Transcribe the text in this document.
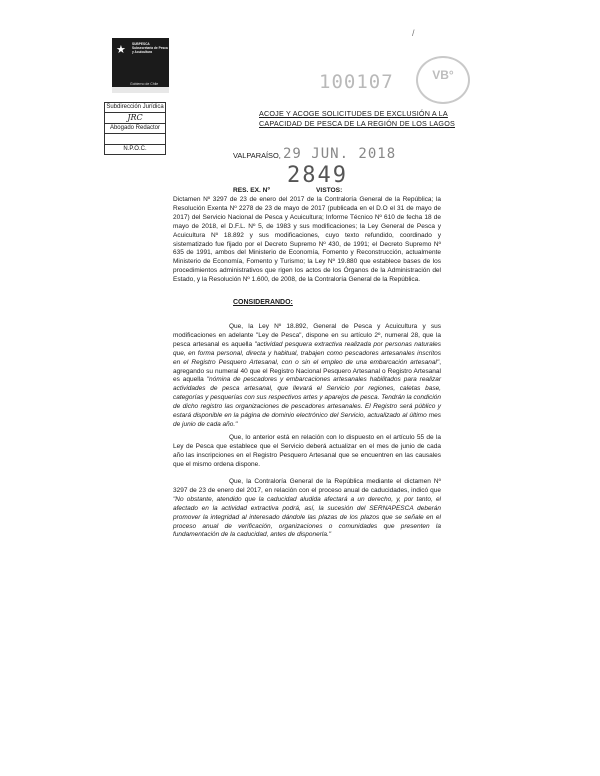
★	SUBPESCA
Subsecretaría de Pesca y Acuicultura
Gobierno de Chile
/
100107	VB°
Subdirección Jurídica
JRC
Abogado Redactor
N.P.O.C.
ACOJE Y ACOGE SOLICITUDES DE EXCLUSIÓN A LA CAPACIDAD DE PESCA DE LA REGIÓN DE LOS LAGOS
VALPARAÍSO, 29 JUN. 2018
2849
RES. EX. Nº	VISTOS:
Dictamen Nº 3297 de 23 de enero del 2017 de la Contraloría General de la República; la Resolución Exenta Nº 2278 de 23 de mayo de 2017 (publicada en el D.O el 31 de mayo de 2017) del Servicio Nacional de Pesca y Acuicultura; Informe Técnico Nº 610 de fecha 18 de mayo de 2018, el D.F.L. Nº 5, de 1983 y sus modificaciones; la Ley General de Pesca y Acuicultura Nº 18.892 y sus modificaciones, cuyo texto refundido, coordinado y sistematizado fue fijado por el Decreto Supremo Nº 430, de 1991; el Decreto Supremo Nº 635 de 1991, ambos del Ministerio de Economía, Fomento y Reconstrucción, actualmente Ministerio de Economía, Fomento y Turismo; la Ley Nº 19.880 que establece bases de los procedimientos administrativos que rigen los actos de los Órganos de la Administración del Estado, y la Resolución Nº 1.600, de 2008, de la Contraloría General de la República.
CONSIDERANDO:
Que, la Ley Nº 18.892, General de Pesca y Acuicultura y sus modificaciones en adelante "Ley de Pesca", dispone en su artículo 2º, numeral 28, que la pesca artesanal es aquella "actividad pesquera extractiva realizada por personas naturales que, en forma personal, directa y habitual, trabajen como pescadores artesanales inscritos en el Registro Pesquero Artesanal, con o sin el empleo de una embarcación artesanal", agregando su numeral 40 que el Registro Nacional Pesquero Artesanal o Registro Artesanal es aquella "nómina de pescadores y embarcaciones artesanales habilitados para realizar actividades de pesca artesanal, que llevará el Servicio por regiones, caletas base, categorías y pesquerías con sus respectivos artes y aparejos de pesca. Tendrán la condición de dicho registro las organizaciones de pescadores artesanales. El Registro será público y estará disponible en la página de dominio electrónico del Servicio, actualizado al último mes de junio de cada año."
Que, lo anterior está en relación con lo dispuesto en el artículo 55 de la Ley de Pesca que establece que el Servicio deberá actualizar en el mes de junio de cada año las inscripciones en el Registro Pesquero Artesanal que se encuentren en las causales que el mismo ordena dispone.
Que, la Contraloría General de la República mediante el dictamen Nº 3297 de 23 de enero del 2017, en relación con el proceso anual de caducidades, indicó que "No obstante, atendido que la caducidad aludida afectará a un derecho, y, por tanto, el afectado en la actividad extractiva podrá, así, la sucesión del SERNAPESCA deberán promover la integridad al interesado dándole las plazas de los plazos que se señale en el proceso anual de verificación, organizaciones o comunidades que presenten la fundamentación de la caducidad, antes de disponerla."
